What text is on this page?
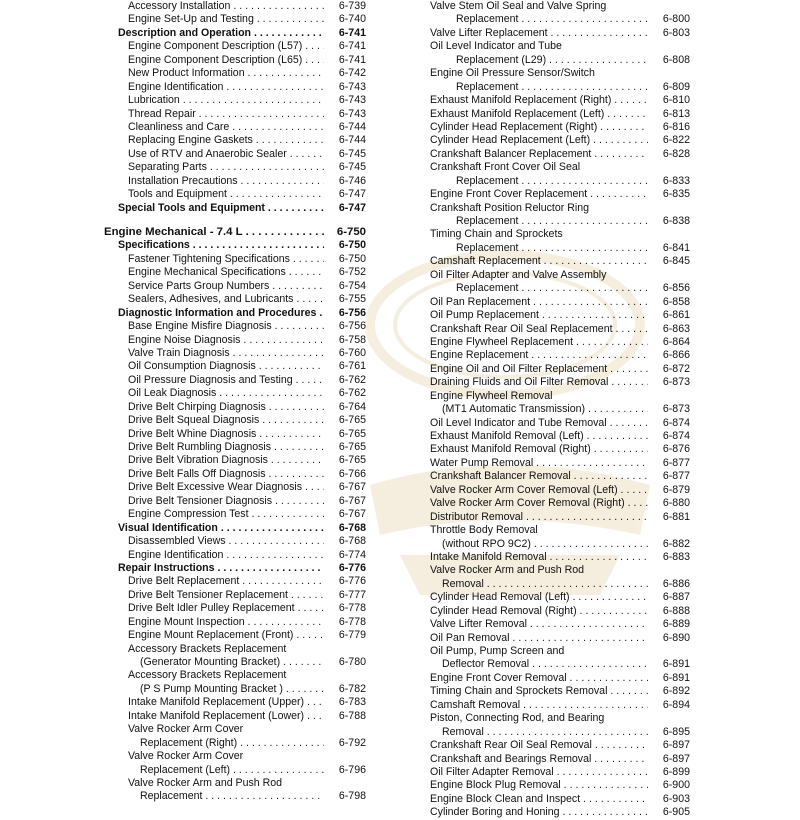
Accessory Installation . . .	6-739
Engine Set-Up and Testing . . .	6-740
Description and Operation . . .	6-741
Engine Component Description (L57) . . .	6-741
Engine Component Description (L65) . . .	6-741
New Product Information . . .	6-742
Engine Identification . . .	6-743
Lubrication . . .	6-743
Thread Repair . . .	6-743
Cleanliness and Care . . .	6-744
Replacing Engine Gaskets . . .	6-744
Use of RTV and Anaerobic Sealer . . .	6-745
Separating Parts . . .	6-745
Installation Precautions . . .	6-746
Tools and Equipment . . .	6-747
Special Tools and Equipment . . .	6-747
Engine Mechanical - 7.4 L . . .	6-750
Specifications . . .	6-750
Fastener Tightening Specifications . . .	6-750
Engine Mechanical Specifications . . .	6-752
Service Parts Group Numbers . . .	6-754
Sealers, Adhesives, and Lubricants . . .	6-755
Diagnostic Information and Procedures . . .	6-756
Base Engine Misfire Diagnosis . . .	6-756
Engine Noise Diagnosis . . .	6-758
Valve Train Diagnosis . . .	6-760
Oil Consumption Diagnosis . . .	6-761
Oil Pressure Diagnosis and Testing . . .	6-762
Oil Leak Diagnosis . . .	6-762
Drive Belt Chirping Diagnosis . . .	6-764
Drive Belt Squeal Diagnosis . . .	6-765
Drive Belt Whine Diagnosis . . .	6-765
Drive Belt Rumbling Diagnosis . . .	6-765
Drive Belt Vibration Diagnosis . . .	6-765
Drive Belt Falls Off Diagnosis . . .	6-766
Drive Belt Excessive Wear Diagnosis . . .	6-767
Drive Belt Tensioner Diagnosis . . .	6-767
Engine Compression Test . . .	6-767
Visual Identification . . .	6-768
Disassembled Views . . .	6-768
Engine Identification . . .	6-774
Repair Instructions . . .	6-776
Drive Belt Replacement . . .	6-776
Drive Belt Tensioner Replacement . . .	6-777
Drive Belt Idler Pulley Replacement . . .	6-778
Engine Mount Inspection . . .	6-778
Engine Mount Replacement (Front) . . .	6-779
Accessory Brackets Replacement
(Generator Mounting Bracket) . . .	6-780
Accessory Brackets Replacement
(P S Pump Mounting Bracket ) . . .	6-782
Intake Manifold Replacement (Upper) . . .	6-783
Intake Manifold Replacement (Lower) . . .	6-788
Valve Rocker Arm Cover
Replacement (Right) . . .	6-792
Valve Rocker Arm Cover
Replacement (Left) . . .	6-796
Valve Rocker Arm and Push Rod
Replacement . . .	6-798
Valve Stem Oil Seal and Valve Spring
Replacement . . .	6-800
Valve Lifter Replacement . . .	6-803
Oil Level Indicator and Tube
Replacement (L29) . . .	6-808
Engine Oil Pressure Sensor/Switch
Replacement . . .	6-809
Exhaust Manifold Replacement (Right) . . .	6-810
Exhaust Manifold Replacement (Left) . . .	6-813
Cylinder Head Replacement (Right) . . .	6-816
Cylinder Head Replacement (Left) . . .	6-822
Crankshaft Balancer Replacement . . .	6-828
Crankshaft Front Cover Oil Seal
Replacement . . .	6-833
Engine Front Cover Replacement . . .	6-835
Crankshaft Position Reluctor Ring
Replacement . . .	6-838
Timing Chain and Sprockets
Replacement . . .	6-841
Camshaft Replacement . . .	6-845
Oil Filter Adapter and Valve Assembly
Replacement . . .	6-856
Oil Pan Replacement . . .	6-858
Oil Pump Replacement . . .	6-861
Crankshaft Rear Oil Seal Replacement . . .	6-863
Engine Flywheel Replacement . . .	6-864
Engine Replacement . . .	6-866
Engine Oil and Oil Filter Replacement . . .	6-872
Draining Fluids and Oil Filter Removal . . .	6-873
Engine Flywheel Removal
(MT1 Automatic Transmission) . . .	6-873
Oil Level Indicator and Tube Removal . . .	6-874
Exhaust Manifold Removal (Left) . . .	6-874
Exhaust Manifold Removal (Right) . . .	6-876
Water Pump Removal . . .	6-877
Crankshaft Balancer Removal . . .	6-877
Valve Rocker Arm Cover Removal (Left) . . .	6-879
Valve Rocker Arm Cover Removal (Right) . . .	6-880
Distributor Removal . . .	6-881
Throttle Body Removal
(without RPO 9C2) . . .	6-882
Intake Manifold Removal . . .	6-883
Valve Rocker Arm and Push Rod
Removal . . .	6-886
Cylinder Head Removal (Left) . . .	6-887
Cylinder Head Removal (Right) . . .	6-888
Valve Lifter Removal . . .	6-889
Oil Pan Removal . . .	6-890
Oil Pump, Pump Screen and
Deflector Removal . . .	6-891
Engine Front Cover Removal . . .	6-891
Timing Chain and Sprockets Removal . . .	6-892
Camshaft Removal . . .	6-894
Piston, Connecting Rod, and Bearing
Removal . . .	6-895
Crankshaft Rear Oil Seal Removal . . .	6-897
Crankshaft and Bearings Removal . . .	6-897
Oil Filter Adapter Removal . . .	6-899
Engine Block Plug Removal . . .	6-900
Engine Block Clean and Inspect . . .	6-903
Cylinder Boring and Honing . . .	6-905
